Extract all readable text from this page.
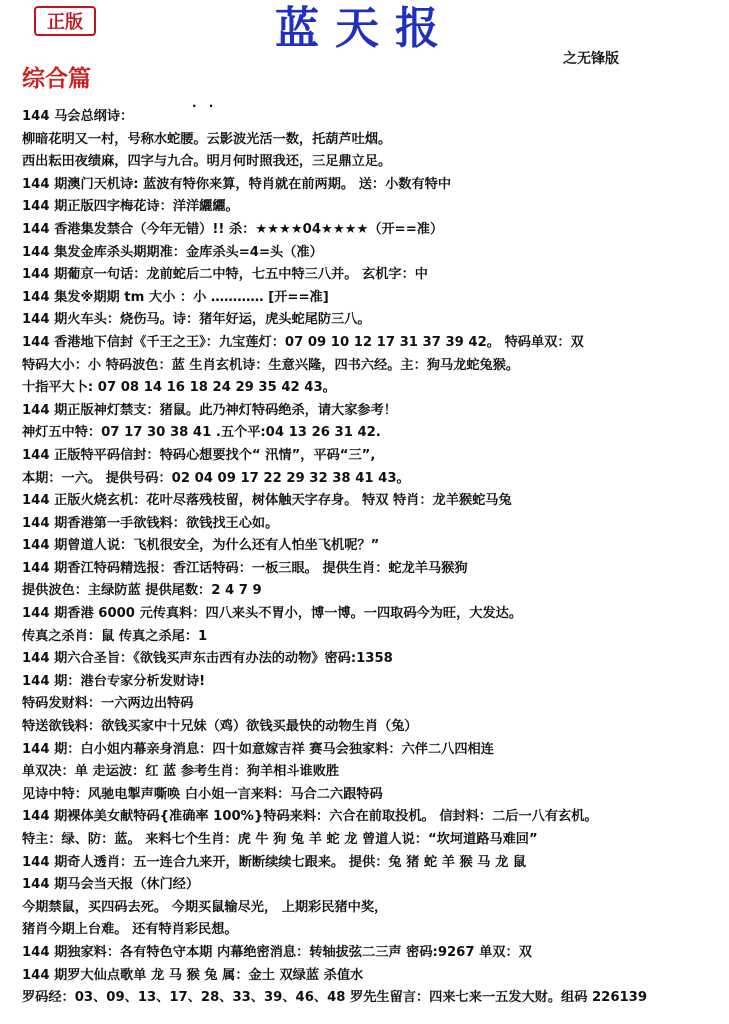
正版	蓝天报
之无锋版
综合篇
. .
144 马会总纲诗：
柳暗花明又一村，号称水蛇腰。云影波光活一数，托葫芦吐烟。
西出耘田夜绩麻，四字与九合。明月何时照我还，三足鼎立足。
144 期澳门天机诗: 蓝波有特你来算，特肖就在前两期。 送：小数有特中
144 期正版四字梅花诗：洋洋纚纚。
144 香港集发禁合（今年无错）!! 杀：★★★★04★★★★（开==准）
144 集发金库杀头期期准：金库杀头=4=头（准）
144 期葡京一句话：龙前蛇后二中特，七五中特三八并。 玄机字：中
144 集发※期期 tm 大小 ：小 ………… [开==准]
144 期火车头：烧伤马。诗：猪年好运，虎头蛇尾防三八。
144 香港地下信封《千王之王》：九宝莲灯：07 09 10 12 17 31 37 39 42。 特码单双：双
特码大小：小 特码波色：蓝 生肖玄机诗：生意兴隆，四书六经。主：狗马龙蛇兔猴。
十指平大卜: 07 08 14 16 18 24 29 35 42 43。
144 期正版神灯禁支：猪鼠。此乃神灯特码绝杀，请大家参考！
神灯五中特：07 17 30 38 41 .五个平:04 13 26 31 42.
144 正版特平码信封：特码心想要找个“ 汛情”，平码“三”,
本期：一六。 提供号码：02 04 09 17 22 29 32 38 41 43。
144 正版火烧玄机：花叶尽落残枝留，树体触天字存身。 特双 特肖：龙羊猴蛇马兔
144 期香港第一手欲钱料：欲钱找王心如。
144 期曾道人说：飞机很安全，为什么还有人怕坐飞机呢？”
144 期香江特码精选报：香江话特码：一板三眼。 提供生肖：蛇龙羊马猴狗
提供波色：主绿防蓝 提供尾数：2 4 7 9
144 期香港 6000 元传真料：四八来头不胃小，博一博。一四取码今为旺，大发达。
传真之杀肖：鼠 传真之杀尾：1
144 期六合圣旨：《欲钱买声东击西有办法的动物》密码:1358
144 期：港台专家分析发财诗!
特码发财料：一六两边出特码
特送欲钱料：欲钱买家中十兄妹（鸡）欲钱买最快的动物生肖（兔）
144 期：白小姐内幕亲身消息：四十如意嫁吉祥 赛马会独家料：六伴二八四相连
单双决：单 走运波：红 蓝 参考生肖：狗羊相斗谁败胜
见诗中特：风驰电掣声嘶唤 白小姐一言来料：马合二六跟特码
144 期裸体美女献特码{准确率 100%}特码来料：六合在前取投机。 信封料：二后一八有玄机。
特主：绿、防：蓝。 来料七个生肖：虎 牛 狗 兔 羊 蛇 龙 曾道人说：“坎坷道路马难回”
144 期奇人透肖：五一连合九来开，断断续续七跟来。 提供：兔 猪 蛇 羊 猴 马 龙 鼠
144 期马会当天报（休门经）
今期禁鼠，买四码去死。 今期买鼠输尽光， 上期彩民猪中奖，
猪肖今期上台难。 还有特肖彩民想。
144 期独家料：各有特色守本期 内幕绝密消息：转轴拔弦二三声 密码:9267 单双：双
144 期罗大仙点歌单 龙 马 猴 兔 属：金土 双绿蓝 杀值水
罗码经：03、09、13、17、28、33、39、46、48 罗先生留言：四来七来一五发大财。组码 226139
